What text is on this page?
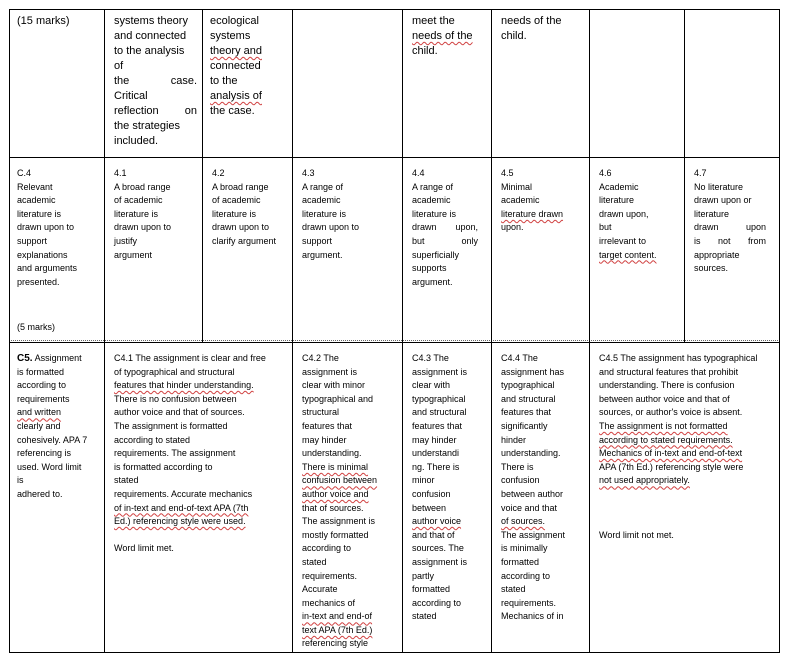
(15 marks)	systems theory
and connected
to the analysis
of
the case.
Critical
reflection on
the strategies
included.
ecological
systems
theory and
connected
to the
analysis of
the case.
meet the
needs of the
child.
needs of the
child.
C.4
Relevant
academic
literature is
drawn upon to
support
explanations
and arguments
presented.
(5 marks)
4.1
A broad range
of academic
literature is
drawn upon to
justify
argument
4.2
A broad range
of academic
literature is
drawn upon to
clarify argument
4.3
A range of
academic
literature is
drawn upon to
support
argument.
4.4
A range of
academic
literature is
drawn upon,
but only
superficially
supports
argument.
4.5
Minimal
academic
literature drawn
upon.
4.6
Academic
literature
drawn upon,
but
irrelevant to
target content.
4.7
No literature
drawn upon or
literature
drawn upon
is not from
appropriate
sources.
C5. Assignment
is formatted
according to
requirements
and written
clearly and
cohesively. APA 7
referencing is
used. Word limit
is
adhered to.
C4.1 The assignment is clear and free
of typographical and structural
features that hinder understanding.
There is no confusion between
author voice and that of sources.
The assignment is formatted
according to stated
requirements. The assignment
is formatted according to
stated
requirements. Accurate mechanics
of in-text and end-of-text APA (7th
Ed.) referencing style were used.
Word limit met.
C4.2 The
assignment is
clear with minor
typographical and
structural
features that
may hinder
understanding.
There is minimal
confusion between
author voice and
that of sources.
The assignment is
mostly formatted
according to
stated
requirements.
Accurate
mechanics of
in-text and end-of
text APA (7th Ed.)
referencing style
C4.3 The
assignment is
clear with
typographical
and structural
features that
may hinder
understandi
ng. There is
minor
confusion
between
author voice
and that of
sources. The
assignment is
partly
formatted
according to
stated
C4.4 The
assignment has
typographical
and structural
features that
significantly
hinder
understanding.
There is
confusion
between author
voice and that
of sources.
The assignment
is minimally
formatted
according to
stated
requirements.
Mechanics of in
C4.5 The assignment has typographical
and structural features that prohibit
understanding. There is confusion
between author voice and that of
sources, or author's voice is absent.
The assignment is not formatted
according to stated requirements.
Mechanics of in-text and end-of-text
APA (7th Ed.) referencing style were
not used appropriately.
Word limit not met.
